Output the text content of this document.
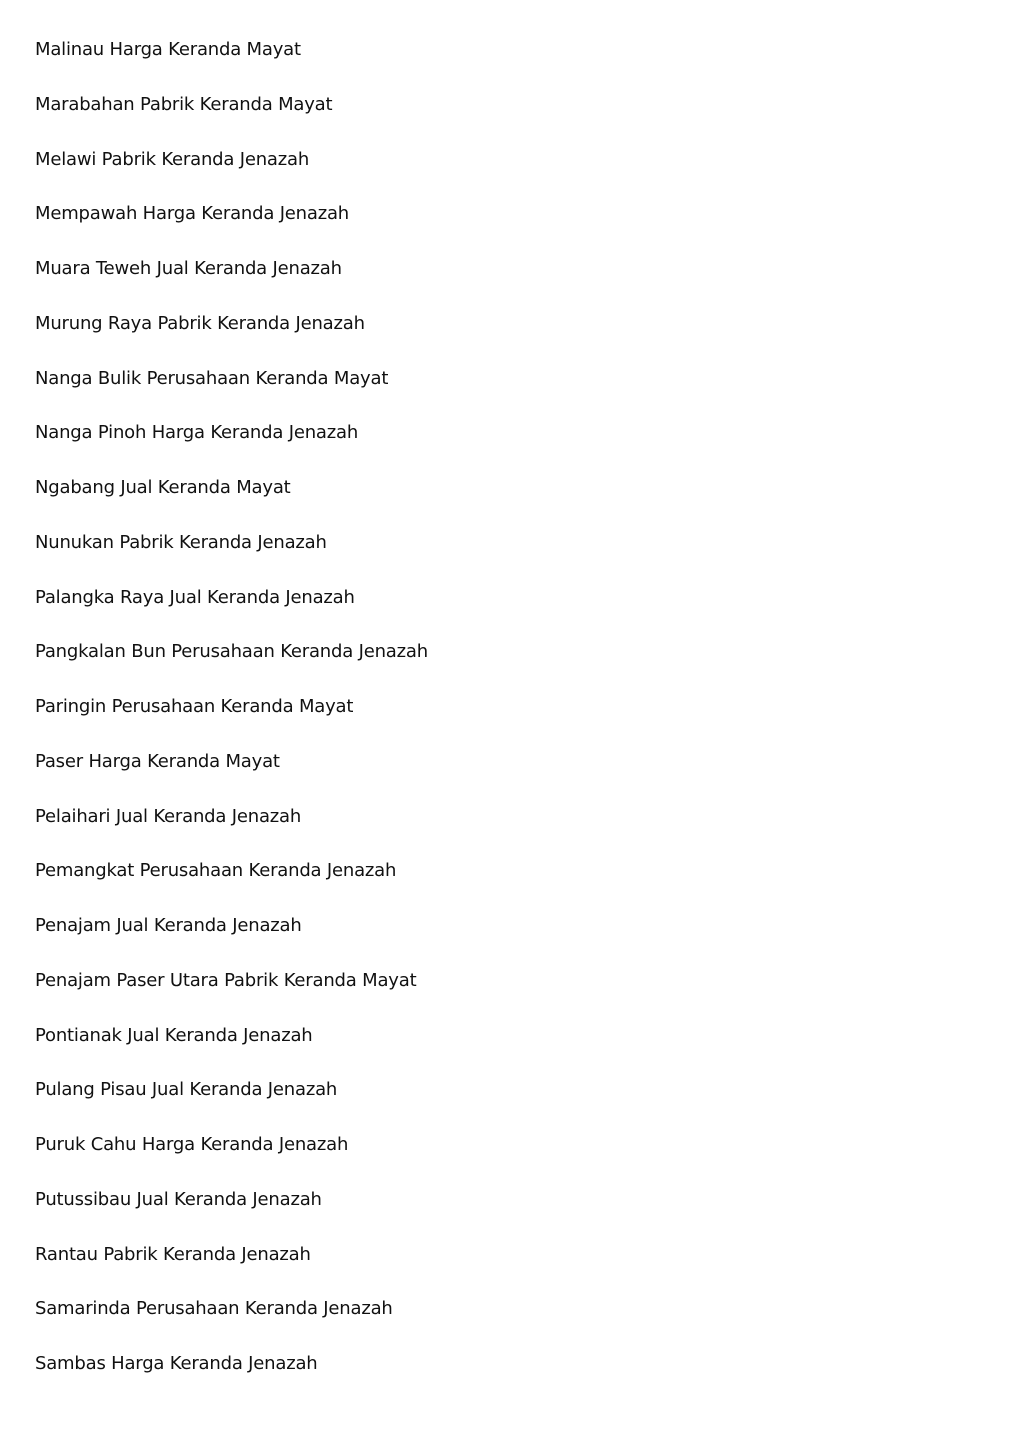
Malinau Harga Keranda Mayat
Marabahan Pabrik Keranda Mayat
Melawi Pabrik Keranda Jenazah
Mempawah Harga Keranda Jenazah
Muara Teweh Jual Keranda Jenazah
Murung Raya Pabrik Keranda Jenazah
Nanga Bulik Perusahaan Keranda Mayat
Nanga Pinoh Harga Keranda Jenazah
Ngabang Jual Keranda Mayat
Nunukan Pabrik Keranda Jenazah
Palangka Raya Jual Keranda Jenazah
Pangkalan Bun Perusahaan Keranda Jenazah
Paringin Perusahaan Keranda Mayat
Paser Harga Keranda Mayat
Pelaihari Jual Keranda Jenazah
Pemangkat Perusahaan Keranda Jenazah
Penajam Jual Keranda Jenazah
Penajam Paser Utara Pabrik Keranda Mayat
Pontianak Jual Keranda Jenazah
Pulang Pisau Jual Keranda Jenazah
Puruk Cahu Harga Keranda Jenazah
Putussibau Jual Keranda Jenazah
Rantau Pabrik Keranda Jenazah
Samarinda Perusahaan Keranda Jenazah
Sambas Harga Keranda Jenazah
